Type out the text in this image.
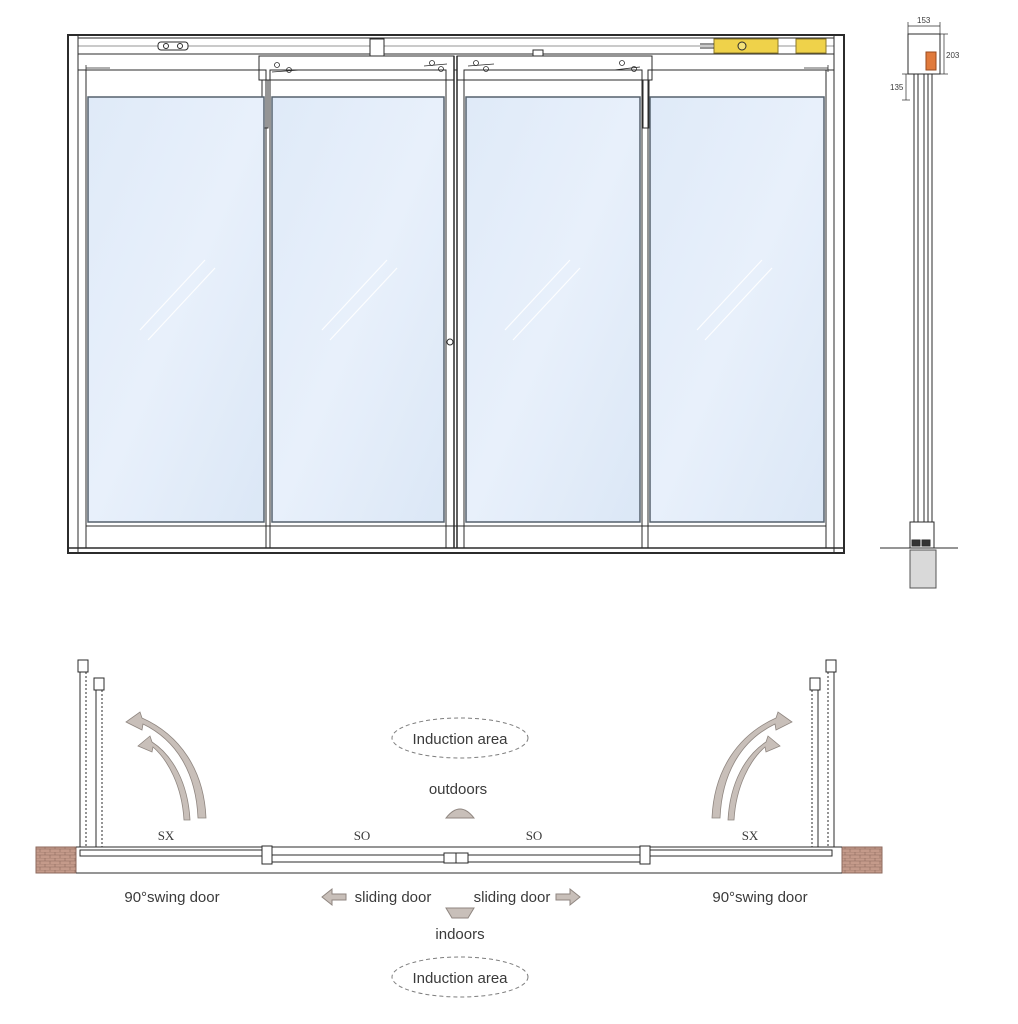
153
203
135
Induction area
outdoors
SX	SO	SO	SX
90°swing door	sliding door	sliding door	90°swing door
indoors
Induction area
